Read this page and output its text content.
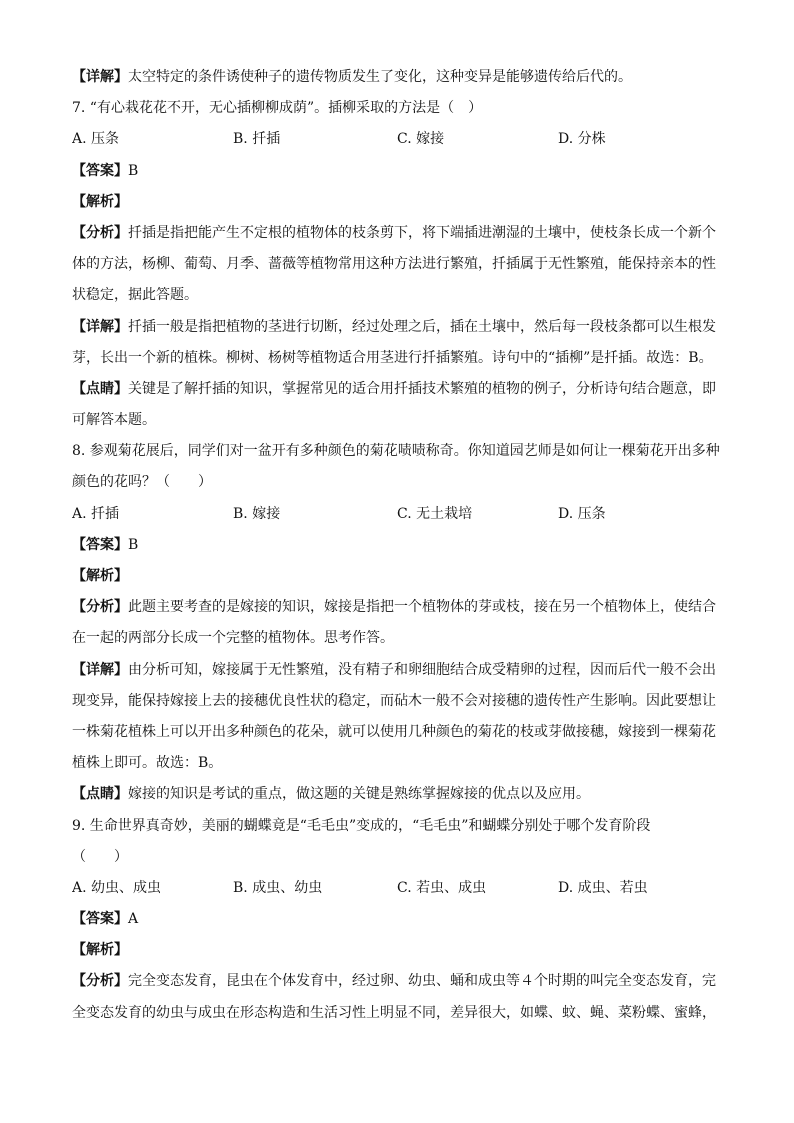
【详解】太空特定的条件诱使种子的遗传物质发生了变化，这种变异是能够遗传给后代的。
7. “有心栽花花不开，无心插柳柳成荫”。插柳采取的方法是（　）
A. 压条	B. 扦插	C. 嫁接	D. 分株
【答案】B
【解析】
【分析】扦插是指把能产生不定根的植物体的枝条剪下，将下端插进潮湿的土壤中，使枝条长成一个新个
体的方法，杨柳、葡萄、月季、蔷薇等植物常用这种方法进行繁殖，扦插属于无性繁殖，能保持亲本的性
状稳定，据此答题。
【详解】扦插一般是指把植物的茎进行切断，经过处理之后，插在土壤中，然后每一段枝条都可以生根发
芽，长出一个新的植株。柳树、杨树等植物适合用茎进行扦插繁殖。诗句中的“插柳”是扦插。故选：B。
【点睛】关键是了解扦插的知识，掌握常见的适合用扦插技术繁殖的植物的例子，分析诗句结合题意，即
可解答本题。
8. 参观菊花展后，同学们对一盆开有多种颜色的菊花啧啧称奇。你知道园艺师是如何让一棵菊花开出多种
颜色的花吗？（　　）
A. 扦插	B. 嫁接	C. 无土栽培	D. 压条
【答案】B
【解析】
【分析】此题主要考查的是嫁接的知识，嫁接是指把一个植物体的芽或枝，接在另一个植物体上，使结合
在一起的两部分长成一个完整的植物体。思考作答。
【详解】由分析可知，嫁接属于无性繁殖，没有精子和卵细胞结合成受精卵的过程，因而后代一般不会出
现变异，能保持嫁接上去的接穗优良性状的稳定，而砧木一般不会对接穗的遗传性产生影响。因此要想让
一株菊花植株上可以开出多种颜色的花朵，就可以使用几种颜色的菊花的枝或芽做接穗，嫁接到一棵菊花
植株上即可。故选：B。
【点睛】嫁接的知识是考试的重点，做这题的关键是熟练掌握嫁接的优点以及应用。
9. 生命世界真奇妙，美丽的蝴蝶竟是“毛毛虫”变成的，“毛毛虫”和蝴蝶分别处于哪个发育阶段
（　　）
A. 幼虫、成虫	B. 成虫、幼虫	C. 若虫、成虫	D. 成虫、若虫
【答案】A
【解析】
【分析】完全变态发育，昆虫在个体发育中，经过卵、幼虫、蛹和成虫等４个时期的叫完全变态发育，完
全变态发育的幼虫与成虫在形态构造和生活习性上明显不同，差异很大，如蝶、蚊、蝇、菜粉蝶、蜜蜂，
